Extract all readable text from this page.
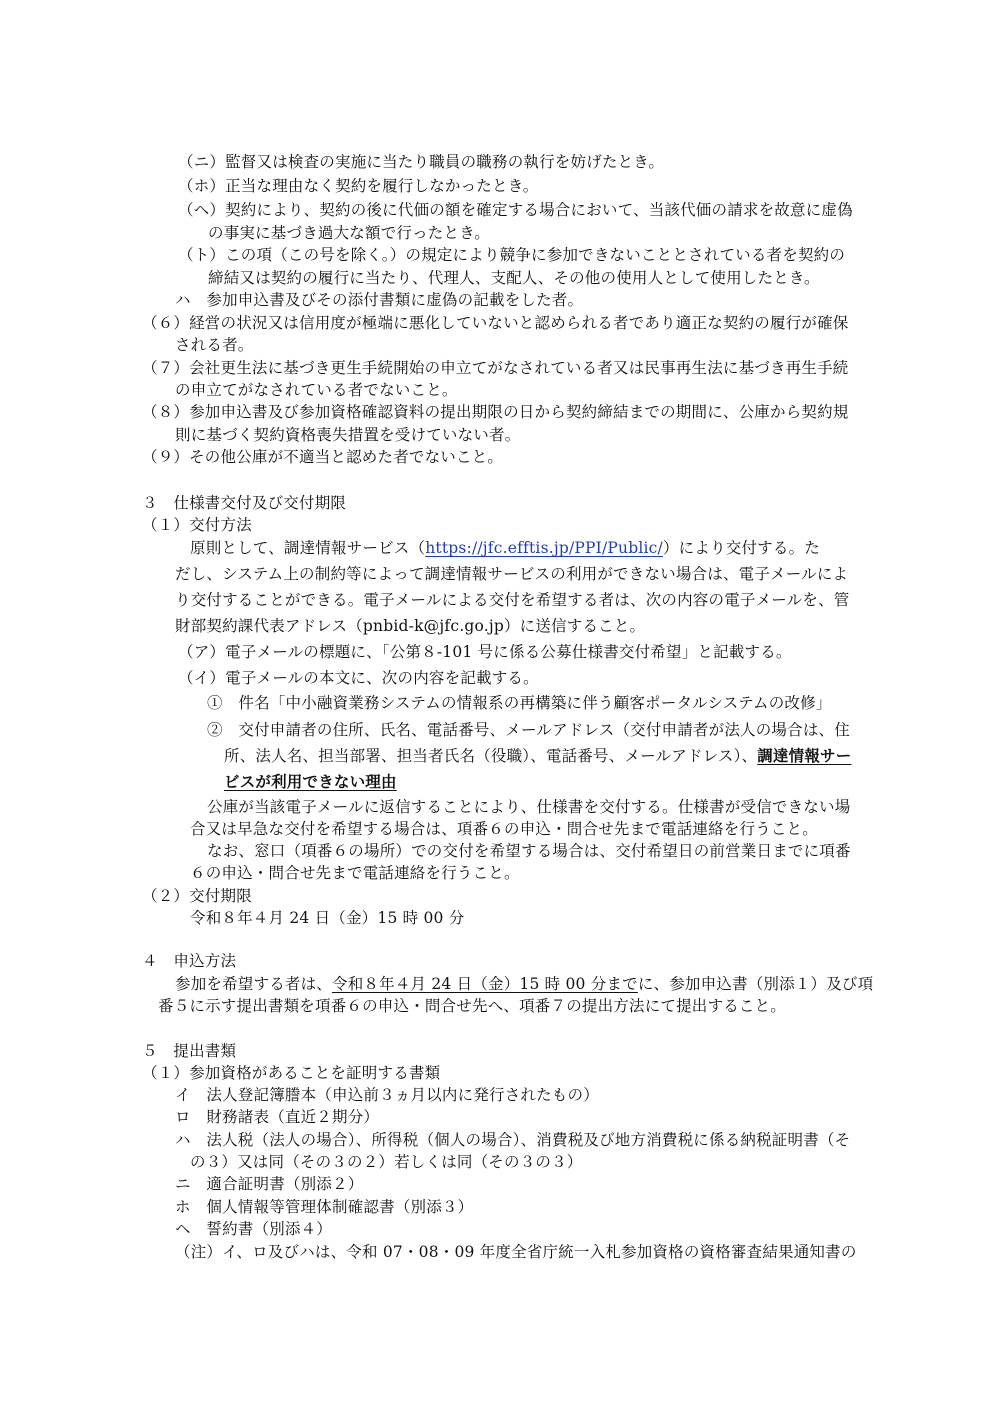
（ニ）監督又は検査の実施に当たり職員の職務の執行を妨げたとき。
（ホ）正当な理由なく契約を履行しなかったとき。
（ヘ）契約により、契約の後に代価の額を確定する場合において、当該代価の請求を故意に虚偽
の事実に基づき過大な額で行ったとき。
（ト）この項（この号を除く。）の規定により競争に参加できないこととされている者を契約の
締結又は契約の履行に当たり、代理人、支配人、その他の使用人として使用したとき。
ハ　参加申込書及びその添付書類に虚偽の記載をした者。
（６）経営の状況又は信用度が極端に悪化していないと認められる者であり適正な契約の履行が確保
される者。
（７）会社更生法に基づき更生手続開始の申立てがなされている者又は民事再生法に基づき再生手続
の申立てがなされている者でないこと。
（８）参加申込書及び参加資格確認資料の提出期限の日から契約締結までの期間に、公庫から契約規
則に基づく契約資格喪失措置を受けていない者。
（９）その他公庫が不適当と認めた者でないこと。
３　仕様書交付及び交付期限
（１）交付方法
原則として、調達情報サービス（https://jfc.efftis.jp/PPI/Public/）により交付する。た
だし、システム上の制約等によって調達情報サービスの利用ができない場合は、電子メールによ
り交付することができる。電子メールによる交付を希望する者は、次の内容の電子メールを、管
財部契約課代表アドレス（pnbid-k@jfc.go.jp）に送信すること。
（ア）電子メールの標題に、「公第８-101 号に係る公募仕様書交付希望」と記載する。
（イ）電子メールの本文に、次の内容を記載する。
①　件名「中小融資業務システムの情報系の再構築に伴う顧客ポータルシステムの改修」
②　交付申請者の住所、氏名、電話番号、メールアドレス（交付申請者が法人の場合は、住
所、法人名、担当部署、担当者氏名（役職）、電話番号、メールアドレス）、調達情報サー
ビスが利用できない理由
公庫が当該電子メールに返信することにより、仕様書を交付する。仕様書が受信できない場
合又は早急な交付を希望する場合は、項番６の申込・問合せ先まで電話連絡を行うこと。
なお、窓口（項番６の場所）での交付を希望する場合は、交付希望日の前営業日までに項番
６の申込・問合せ先まで電話連絡を行うこと。
（２）交付期限
令和８年４月 24 日（金）15 時 00 分
４　申込方法
参加を希望する者は、令和８年４月 24 日（金）15 時 00 分までに、参加申込書（別添１）及び項
番５に示す提出書類を項番６の申込・問合せ先へ、項番７の提出方法にて提出すること。
５　提出書類
（１）参加資格があることを証明する書類
イ　法人登記簿謄本（申込前３ヵ月以内に発行されたもの）
ロ　財務諸表（直近２期分）
ハ　法人税（法人の場合）、所得税（個人の場合）、消費税及び地方消費税に係る納税証明書（そ
の３）又は同（その３の２）若しくは同（その３の３）
ニ　適合証明書（別添２）
ホ　個人情報等管理体制確認書（別添３）
ヘ　誓約書（別添４）
（注）イ、ロ及びハは、令和 07・08・09 年度全省庁統一入札参加資格の資格審査結果通知書の
